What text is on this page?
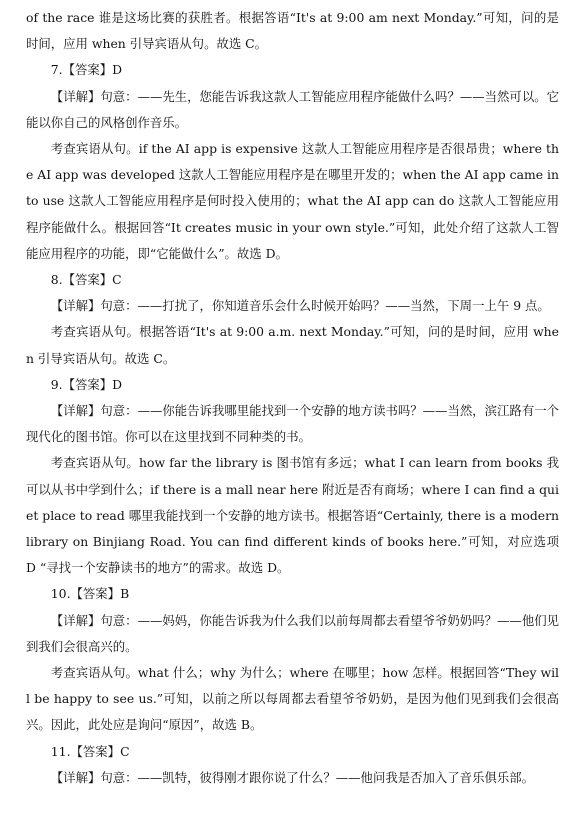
of the race 谁是这场比赛的获胜者。根据答语“It's at 9:00 am next Monday.”可知，问的是时间，应用 when 引导宾语从句。故选 C。

7.【答案】D

【详解】句意：——先生，您能告诉我这款人工智能应用程序能做什么吗？——当然可以。它能以你自己的风格创作音乐。

考查宾语从句。if the AI app is expensive 这款人工智能应用程序是否很昂贵；where the AI app was developed 这款人工智能应用程序是在哪里开发的；when the AI app came into use 这款人工智能应用程序是何时投入使用的；what the AI app can do 这款人工智能应用程序能做什么。根据回答“It creates music in your own style.”可知，此处介绍了这款人工智能应用程序的功能，即“它能做什么”。故选 D。

8.【答案】C

【详解】句意：——打扰了，你知道音乐会什么时候开始吗？——当然，下周一上午 9 点。

考查宾语从句。根据答语“It's at 9:00 a.m. next Monday.”可知，问的是时间，应用 when 引导宾语从句。故选 C。

9.【答案】D

【详解】句意：——你能告诉我哪里能找到一个安静的地方读书吗？——当然，滨江路有一个现代化的图书馆。你可以在这里找到不同种类的书。

考查宾语从句。how far the library is 图书馆有多远；what I can learn from books 我可以从书中学到什么；if there is a mall near here 附近是否有商场；where I can find a quiet place to read 哪里我能找到一个安静的地方读书。根据答语“Certainly, there is a modern library on Binjiang Road. You can find different kinds of books here.”可知，对应选项 D “寻找一个安静读书的地方”的需求。故选 D。

10.【答案】B

【详解】句意：——妈妈，你能告诉我为什么我们以前每周都去看望爷爷奶奶吗？——他们见到我们会很高兴的。

考查宾语从句。what 什么；why 为什么；where 在哪里；how 怎样。根据回答“They will be happy to see us.”可知，以前之所以每周都去看望爷爷奶奶，是因为他们见到我们会很高兴。因此，此处应是询问“原因”，故选 B。

11.【答案】C

【详解】句意：——凯特，彼得刚才跟你说了什么？——他问我是否加入了音乐俱乐部。
